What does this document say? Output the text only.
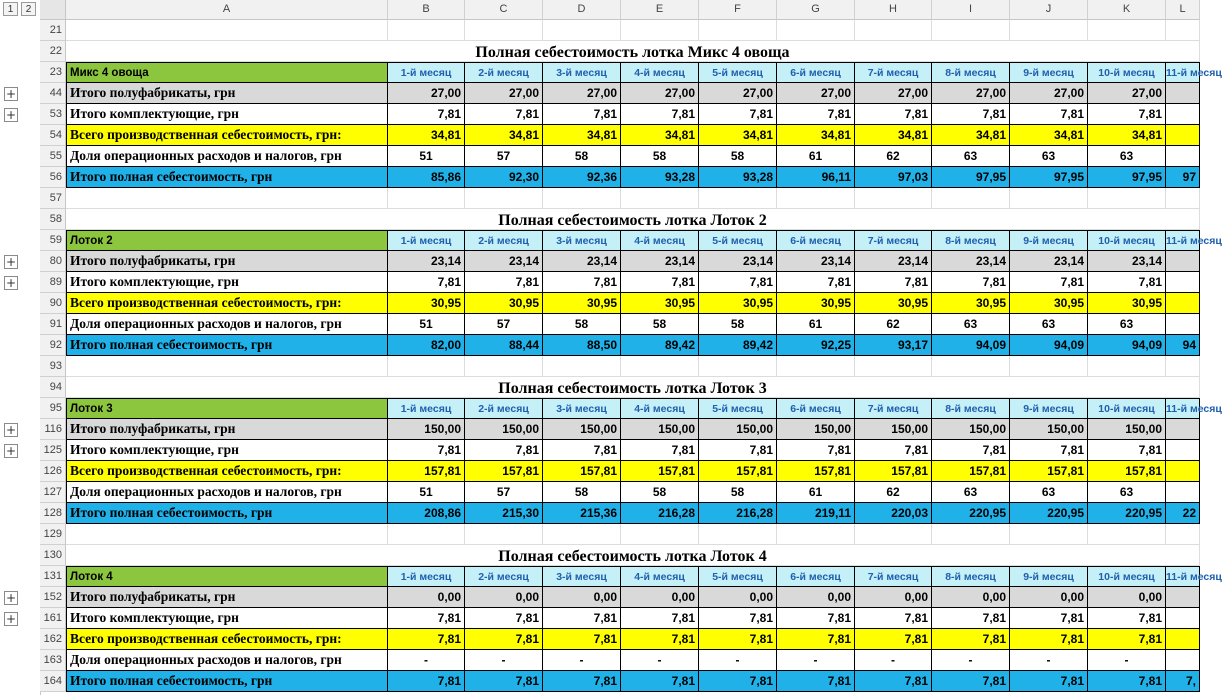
1	2	A	B	C	D	E	F	G	H	I	J	K	L
21
22	Полная себестоимость лотка Микс 4 овоща
23 Микс 4 овоща	1-й месяц	2-й месяц	3-й месяц	4-й месяц	5-й месяц	6-й месяц	7-й месяц	8-й месяц	9-й месяц	10-й месяц	11-й месяц
44
+	Итого полуфабрикаты, грн	27,00	27,00	27,00	27,00	27,00	27,00	27,00	27,00	27,00	27,00
53
+	Итого комплектующие, грн	7,81	7,81	7,81	7,81	7,81	7,81	7,81	7,81	7,81	7,81
54 Всего производственная себестоимость, грн:	34,81	34,81	34,81	34,81	34,81	34,81	34,81	34,81	34,81	34,81
55 Доля операционных расходов и налогов, грн	51	57	58	58	58	61	62	63	63	63
56 Итого полная себестоимость, грн	85,86	92,30	92,36	93,28	93,28	96,11	97,03	97,95	97,95	97,95	97
57
58	Полная себестоимость лотка Лоток 2
59 Лоток 2	1-й месяц	2-й месяц	3-й месяц	4-й месяц	5-й месяц	6-й месяц	7-й месяц	8-й месяц	9-й месяц	10-й месяц	11-й месяц
80
+	Итого полуфабрикаты, грн	23,14	23,14	23,14	23,14	23,14	23,14	23,14	23,14	23,14	23,14
89
+	Итого комплектующие, грн	7,81	7,81	7,81	7,81	7,81	7,81	7,81	7,81	7,81	7,81
90 Всего производственная себестоимость, грн:	30,95	30,95	30,95	30,95	30,95	30,95	30,95	30,95	30,95	30,95
91 Доля операционных расходов и налогов, грн	51	57	58	58	58	61	62	63	63	63
92 Итого полная себестоимость, грн	82,00	88,44	88,50	89,42	89,42	92,25	93,17	94,09	94,09	94,09	94
93
94	Полная себестоимость лотка Лоток 3
95 Лоток 3	1-й месяц	2-й месяц	3-й месяц	4-й месяц	5-й месяц	6-й месяц	7-й месяц	8-й месяц	9-й месяц	10-й месяц	11-й месяц
116
+	Итого полуфабрикаты, грн	150,00	150,00	150,00	150,00	150,00	150,00	150,00	150,00	150,00	150,00
125
+	Итого комплектующие, грн	7,81	7,81	7,81	7,81	7,81	7,81	7,81	7,81	7,81	7,81
126 Всего производственная себестоимость, грн:	157,81	157,81	157,81	157,81	157,81	157,81	157,81	157,81	157,81	157,81
127 Доля операционных расходов и налогов, грн	51	57	58	58	58	61	62	63	63	63
128 Итого полная себестоимость, грн	208,86	215,30	215,36	216,28	216,28	219,11	220,03	220,95	220,95	220,95	22
129
130	Полная себестоимость лотка Лоток 4
131 Лоток 4	1-й месяц	2-й месяц	3-й месяц	4-й месяц	5-й месяц	6-й месяц	7-й месяц	8-й месяц	9-й месяц	10-й месяц	11-й месяц
152
+	Итого полуфабрикаты, грн	0,00	0,00	0,00	0,00	0,00	0,00	0,00	0,00	0,00	0,00
161
+	Итого комплектующие, грн	7,81	7,81	7,81	7,81	7,81	7,81	7,81	7,81	7,81	7,81
162 Всего производственная себестоимость, грн:	7,81	7,81	7,81	7,81	7,81	7,81	7,81	7,81	7,81	7,81
163 Доля операционных расходов и налогов, грн	-	-	-	-	-	-	-	-	-	-
164 Итого полная себестоимость, грн	7,81	7,81	7,81	7,81	7,81	7,81	7,81	7,81	7,81	7,81	7,
